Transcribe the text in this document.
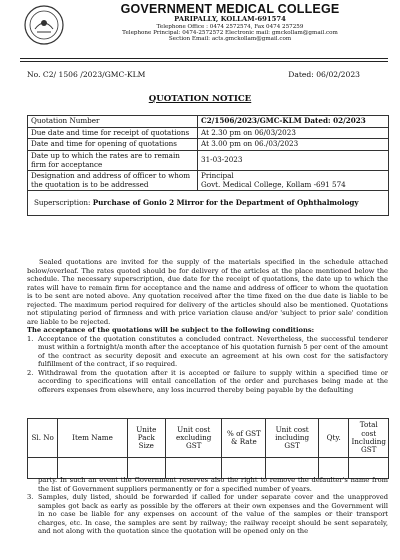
GOVERNMENT MEDICAL COLLEGE
PARIPALLY, KOLLAM-691574
Telephone Office : 0474 2572574, Fax 0474 257259
Telephone Principal: 0474-2572572 Electronic mail: gmckollam@gmail.com
Section Email: acts.gmckollam@gmail.com
No. C2/ 1506 /2023/GMC-KLM	Dated: 06/02/2023
QUOTATION NOTICE
Quotation Number	C2/1506/2023/GMC-KLM Dated: 02/2023
Due date and time for receipt of quotations	At 2.30 pm on 06/03/2023
Date and time for opening of quotations	At 3.00 pm on 06./03/2023
Date up to which the rates are to remain firm for acceptance	31-03-2023
Designation and address of officer to whom the quotation is to be addressed	Principal
Govt. Medical College, Kollam -691 574

Superscription: Purchase of Gonio 2 Mirror for the Department of Ophthalmology	

Sealed quotations are invited for the supply of the materials specified in the schedule attached below/overleaf. The rates quoted should be for delivery of the articles at the place mentioned below the schedule. The necessary superscription, due date for the receipt of quotations, the date up to which the rates will have to remain firm for acceptance and the name and address of officer to whom the quotation is to be sent are noted above. Any quotation received after the time fixed on the due date is liable to be rejected. The maximum period required for delivery of the articles should also be mentioned. Quotations not stipulating period of firmness and with price variation clause and/or 'subject to prior sale' condition are liable to be rejected.

The acceptance of the quotations will be subject to the following conditions:

1. Acceptance of the quotation constitutes a concluded contract. Nevertheless, the successful tenderer must within a fortnight/a month after the acceptance of his quotation furnish 5 per cent of the amount of the contract as security deposit and execute an agreement at his own cost for the satisfactory fulfillment of the contract, if so required.
2. Withdrawal from the quotation after it is accepted or failure to supply within a specified time or according to specifications will entail cancellation of the order and purchases being made at the offerers expenses from elsewhere, any loss incurred thereby being payable by the defaulting
Sl. No	Item Name	Unite Pack Size	Unit cost excluding GST	% of GST & Rate	Unit cost including GST	Qty.	Total cost Including GST

party. In such an event the Government reserves also the right to remove the defaulter's name from the list of Government suppliers permanently or for a specified number of years.

3. Samples, duly listed, should be forwarded if called for under separate cover and the unapproved samples got back as early as possible by the offerers at their own expenses and the Government will in no case be liable for any expenses on account of the value of the samples or their transport charges, etc. In case, the samples are sent by railway; the railway receipt should be sent separately, and not along with the quotation since the quotation will be opened only on the
